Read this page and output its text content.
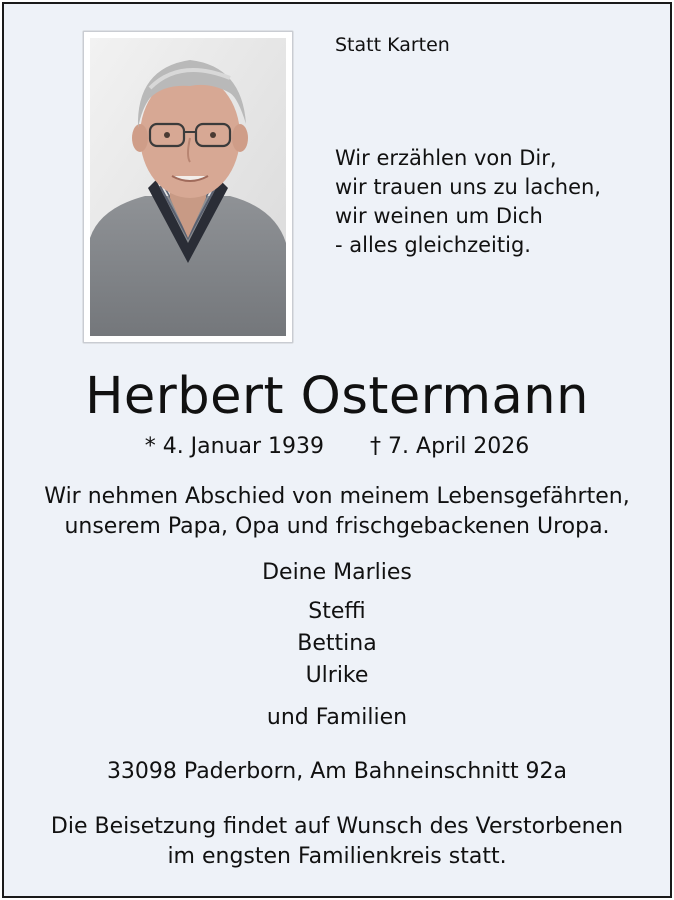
Statt Karten
Wir erzählen von Dir,
wir trauen uns zu lachen,
wir weinen um Dich
- alles gleichzeitig.
Herbert Ostermann
* 4. Januar 1939 † 7. April 2026
Wir nehmen Abschied von meinem Lebensgefährten,
unserem Papa, Opa und frischgebackenen Uropa.
Deine Marlies
Steffi
Bettina
Ulrike
und Familien
33098 Paderborn, Am Bahneinschnitt 92a
Die Beisetzung findet auf Wunsch des Verstorbenen
im engsten Familienkreis statt.
